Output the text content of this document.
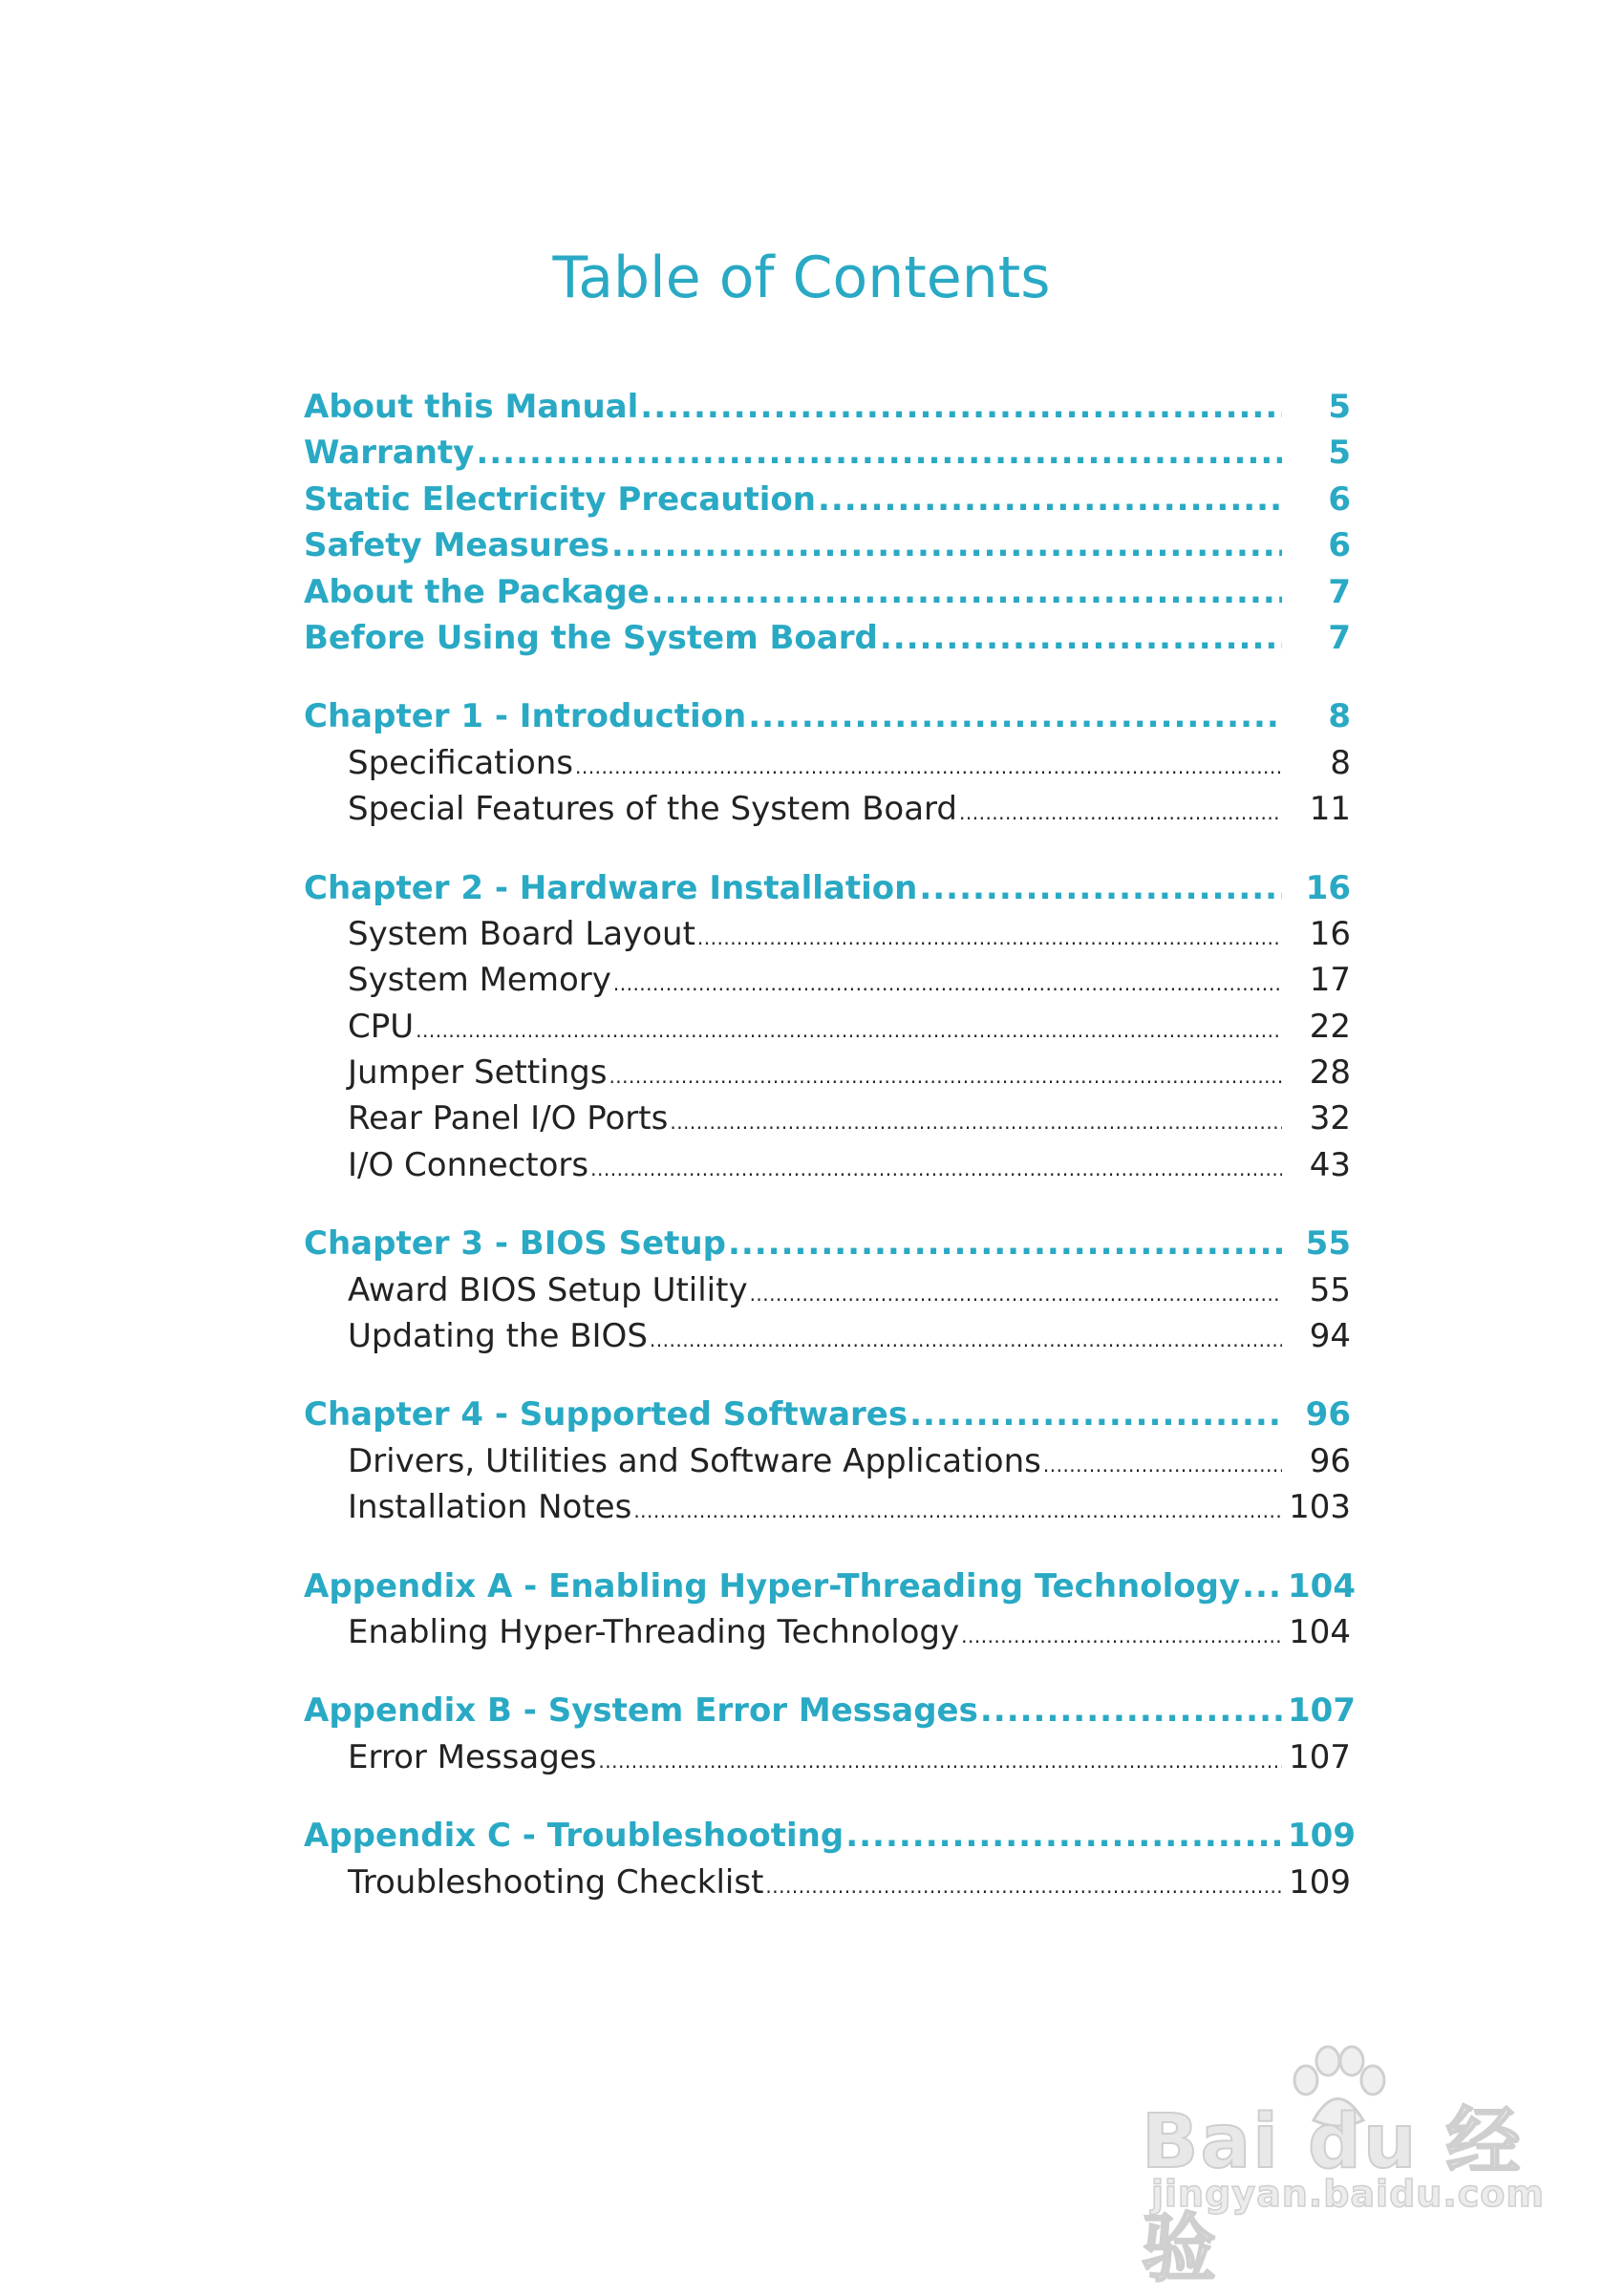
Table of Contents
About this Manual .....	5
Warranty .....	5
Static Electricity Precaution .....	6
Safety Measures .....	6
About the Package .....	7
Before Using the System Board .....	7
Chapter 1 - Introduction .....	8
Specifications .....	8
Special Features of the System Board .....	11
Chapter 2 - Hardware Installation .....	16
System Board Layout .....	16
System Memory .....	17
CPU .....	22
Jumper Settings .....	28
Rear Panel I/O Ports .....	32
I/O Connectors .....	43
Chapter 3 - BIOS Setup .....	55
Award BIOS Setup Utility .....	55
Updating the BIOS .....	94
Chapter 4 - Supported Softwares .....	96
Drivers, Utilities and Software Applications .....	96
Installation Notes .....	103
Appendix A - Enabling Hyper-Threading Technology ..... 104
Enabling Hyper-Threading Technology .....	104
Appendix B - System Error Messages .....	107
Error Messages .....	107
Appendix C - Troubleshooting .....	109
Troubleshooting Checklist .....	109
Bai du 经验
jingyan.baidu.com
